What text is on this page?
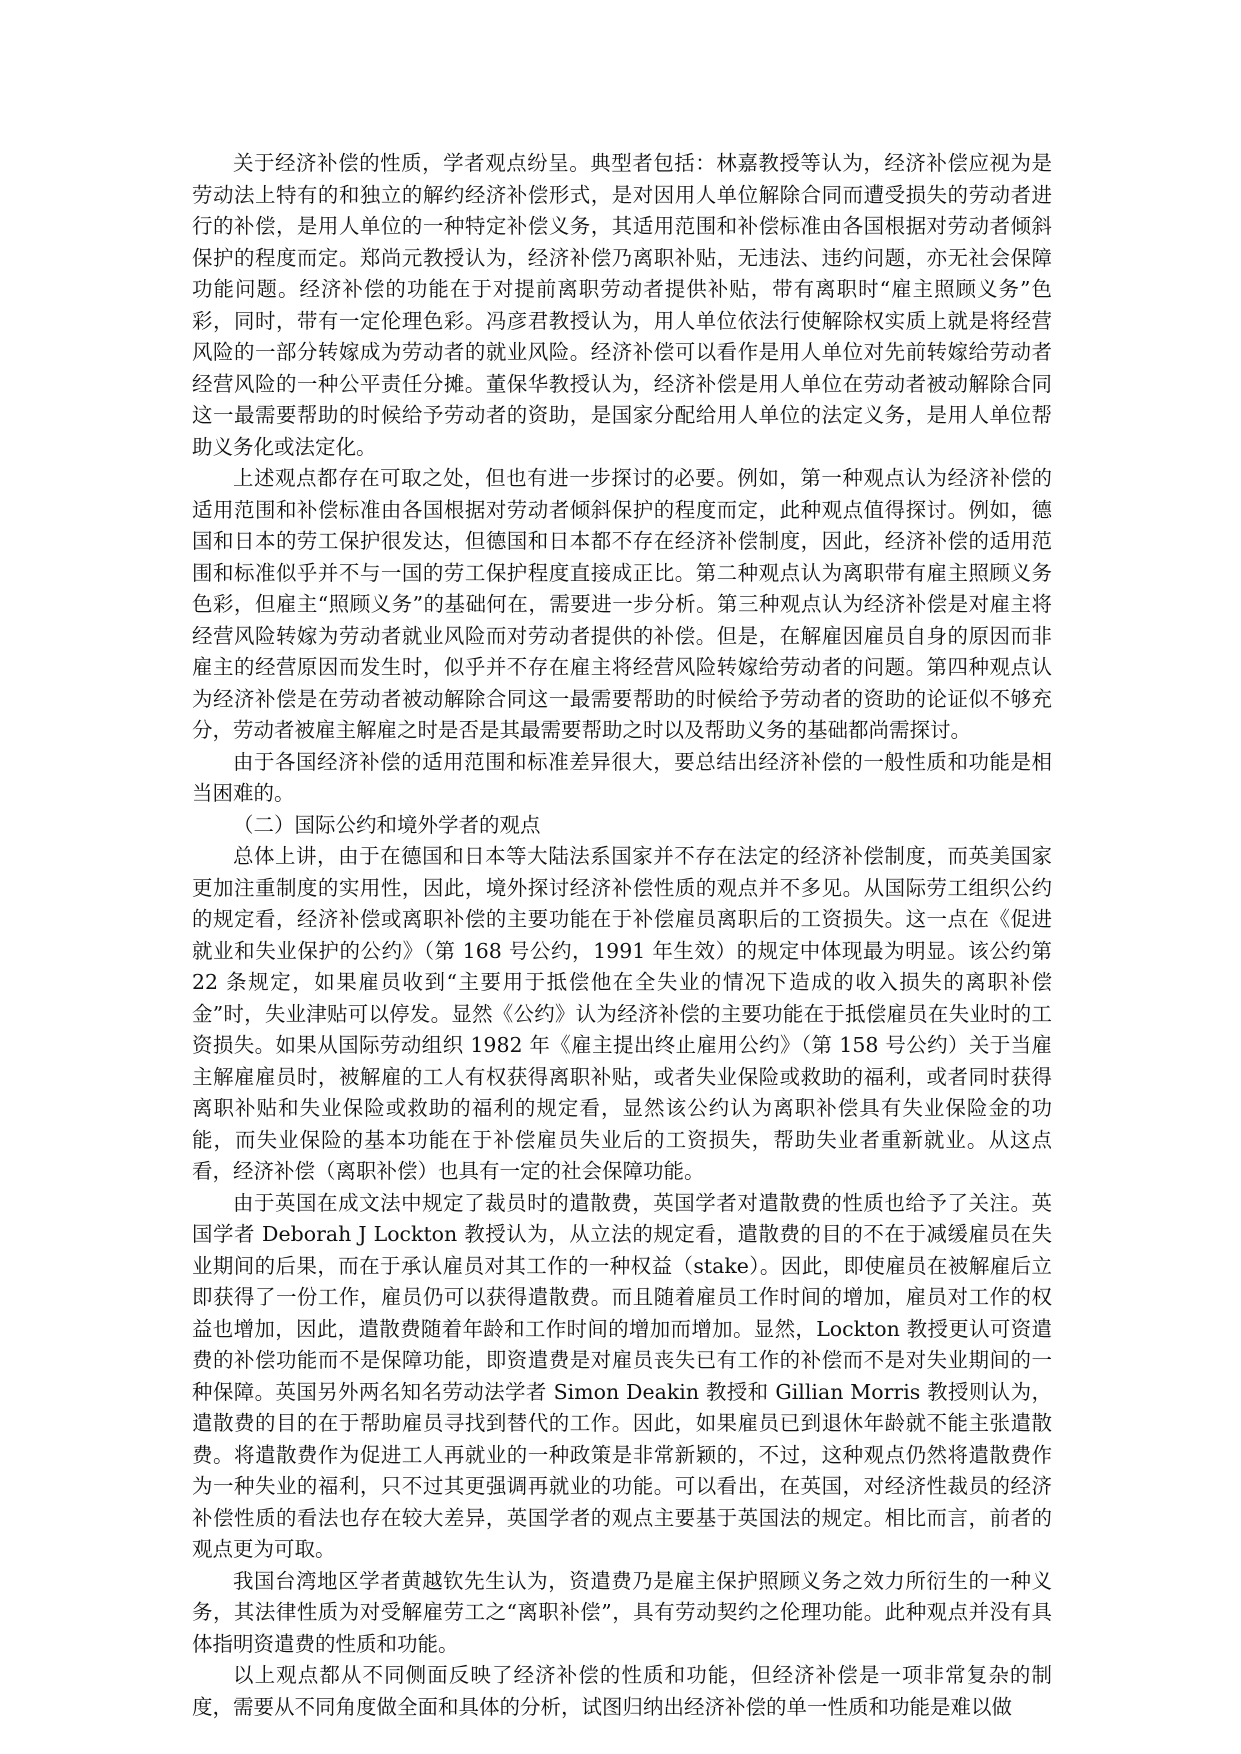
关于经济补偿的性质，学者观点纷呈。典型者包括：林嘉教授等认为，经济补偿应视为是劳动法上特有的和独立的解约经济补偿形式，是对因用人单位解除合同而遭受损失的劳动者进行的补偿，是用人单位的一种特定补偿义务，其适用范围和补偿标准由各国根据对劳动者倾斜保护的程度而定。郑尚元教授认为，经济补偿乃离职补贴，无违法、违约问题，亦无社会保障功能问题。经济补偿的功能在于对提前离职劳动者提供补贴，带有离职时“雇主照顾义务”色彩，同时，带有一定伦理色彩。冯彦君教授认为，用人单位依法行使解除权实质上就是将经营风险的一部分转嫁成为劳动者的就业风险。经济补偿可以看作是用人单位对先前转嫁给劳动者经营风险的一种公平责任分摊。董保华教授认为，经济补偿是用人单位在劳动者被动解除合同这一最需要帮助的时候给予劳动者的资助，是国家分配给用人单位的法定义务，是用人单位帮助义务化或法定化。

上述观点都存在可取之处，但也有进一步探讨的必要。例如，第一种观点认为经济补偿的适用范围和补偿标准由各国根据对劳动者倾斜保护的程度而定，此种观点值得探讨。例如，德国和日本的劳工保护很发达，但德国和日本都不存在经济补偿制度，因此，经济补偿的适用范围和标准似乎并不与一国的劳工保护程度直接成正比。第二种观点认为离职带有雇主照顾义务色彩，但雇主“照顾义务”的基础何在，需要进一步分析。第三种观点认为经济补偿是对雇主将经营风险转嫁为劳动者就业风险而对劳动者提供的补偿。但是，在解雇因雇员自身的原因而非雇主的经营原因而发生时，似乎并不存在雇主将经营风险转嫁给劳动者的问题。第四种观点认为经济补偿是在劳动者被动解除合同这一最需要帮助的时候给予劳动者的资助的论证似不够充分，劳动者被雇主解雇之时是否是其最需要帮助之时以及帮助义务的基础都尚需探讨。

由于各国经济补偿的适用范围和标准差异很大，要总结出经济补偿的一般性质和功能是相当困难的。

（二）国际公约和境外学者的观点

总体上讲，由于在德国和日本等大陆法系国家并不存在法定的经济补偿制度，而英美国家更加注重制度的实用性，因此，境外探讨经济补偿性质的观点并不多见。从国际劳工组织公约的规定看，经济补偿或离职补偿的主要功能在于补偿雇员离职后的工资损失。这一点在《促进就业和失业保护的公约》（第 168 号公约，1991 年生效）的规定中体现最为明显。该公约第 22 条规定，如果雇员收到“主要用于抵偿他在全失业的情况下造成的收入损失的离职补偿金”时，失业津贴可以停发。显然《公约》认为经济补偿的主要功能在于抵偿雇员在失业时的工资损失。如果从国际劳动组织 1982 年《雇主提出终止雇用公约》（第 158 号公约）关于当雇主解雇雇员时，被解雇的工人有权获得离职补贴，或者失业保险或救助的福利，或者同时获得离职补贴和失业保险或救助的福利的规定看，显然该公约认为离职补偿具有失业保险金的功能，而失业保险的基本功能在于补偿雇员失业后的工资损失，帮助失业者重新就业。从这点看，经济补偿（离职补偿）也具有一定的社会保障功能。

由于英国在成文法中规定了裁员时的遣散费，英国学者对遣散费的性质也给予了关注。英国学者 Deborah J Lockton 教授认为，从立法的规定看，遣散费的目的不在于减缓雇员在失业期间的后果，而在于承认雇员对其工作的一种权益（stake）。因此，即使雇员在被解雇后立即获得了一份工作，雇员仍可以获得遣散费。而且随着雇员工作时间的增加，雇员对工作的权益也增加，因此，遣散费随着年龄和工作时间的增加而增加。显然，Lockton 教授更认可资遣费的补偿功能而不是保障功能，即资遣费是对雇员丧失已有工作的补偿而不是对失业期间的一种保障。英国另外两名知名劳动法学者 Simon Deakin 教授和 Gillian Morris 教授则认为，遣散费的目的在于帮助雇员寻找到替代的工作。因此，如果雇员已到退休年龄就不能主张遣散费。将遣散费作为促进工人再就业的一种政策是非常新颖的，不过，这种观点仍然将遣散费作为一种失业的福利，只不过其更强调再就业的功能。可以看出，在英国，对经济性裁员的经济补偿性质的看法也存在较大差异，英国学者的观点主要基于英国法的规定。相比而言，前者的观点更为可取。

我国台湾地区学者黄越钦先生认为，资遣费乃是雇主保护照顾义务之效力所衍生的一种义务，其法律性质为对受解雇劳工之“离职补偿”，具有劳动契约之伦理功能。此种观点并没有具体指明资遣费的性质和功能。

以上观点都从不同侧面反映了经济补偿的性质和功能，但经济补偿是一项非常复杂的制度，需要从不同角度做全面和具体的分析，试图归纳出经济补偿的单一性质和功能是难以做
